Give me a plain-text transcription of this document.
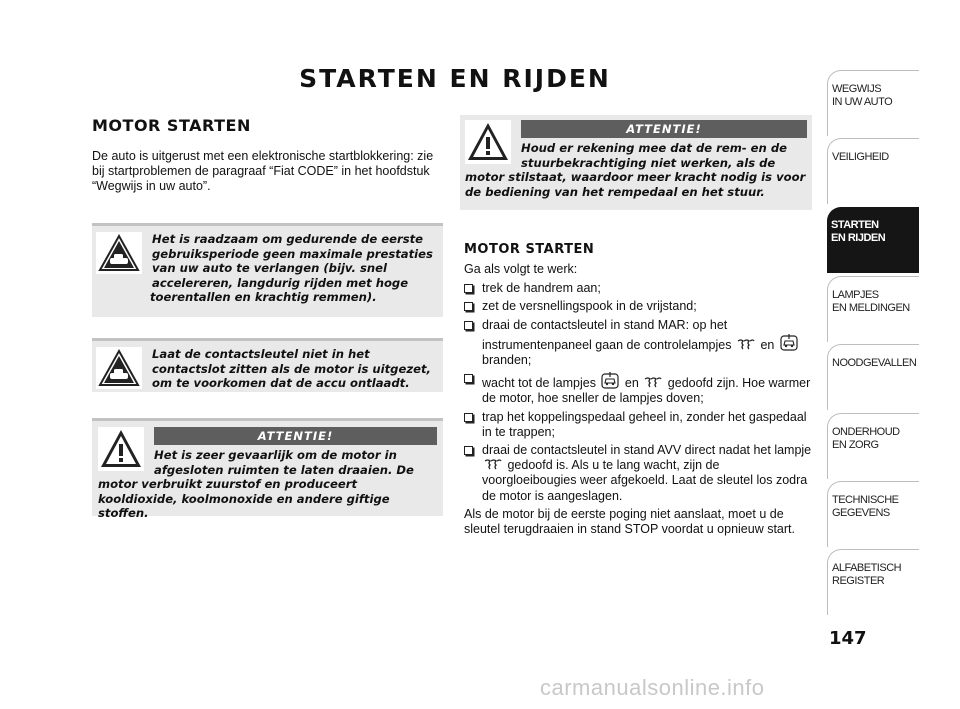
STARTEN EN RIJDEN
MOTOR STARTEN
De auto is uitgerust met een elektronische startblokkering: zie bij startproblemen de paragraaf “Fiat CODE” in het hoofdstuk “Wegwijs in uw auto”.
Het is raadzaam om gedurende de eerste gebruiksperiode geen maximale prestaties van uw auto te verlangen (bijv. snel accelereren, langdurig rijden met hoge toerentallen en krachtig remmen).
Laat de contactsleutel niet in het contactslot zitten als de motor is uitgezet, om te voorkomen dat de accu ontlaadt.
ATTENTIE!
Het is zeer gevaarlijk om de motor in afgesloten ruimten te laten draaien. De motor verbruikt zuurstof en produceert kooldioxide, koolmonoxide en andere giftige stoffen.
ATTENTIE!
Houd er rekening mee dat de rem- en de stuurbekrachtiging niet werken, als de motor stilstaat, waardoor meer kracht nodig is voor de bediening van het rempedaal en het stuur.
MOTOR STARTEN
Ga als volgt te werk:
trek de handrem aan;
zet de versnellingspook in de vrijstand;
draai de contactsleutel in stand MAR: op het instrumentenpaneel gaan de controlelampjes en  branden;
wacht tot de lampjes en gedoofd zijn. Hoe warmer de motor, hoe sneller de lampjes doven;
trap het koppelingspedaal geheel in, zonder het gaspedaal in te trappen;
draai de contactsleutel in stand AVV direct nadat het lampje  gedoofd is. Als u te lang wacht, zijn de voorgloeibougies weer afgekoeld. Laat de sleutel los zodra de motor is aangeslagen.
Als de motor bij de eerste poging niet aanslaat, moet u de sleutel terugdraaien in stand STOP voordat u opnieuw start.
WEGWIJS
IN UW AUTO
VEILIGHEID
STARTEN
EN RIJDEN
LAMPJES
EN MELDINGEN
NOODGEVALLEN
ONDERHOUD
EN ZORG
TECHNISCHE
GEGEVENS
ALFABETISCH
REGISTER
147
carmanualsonline.info
